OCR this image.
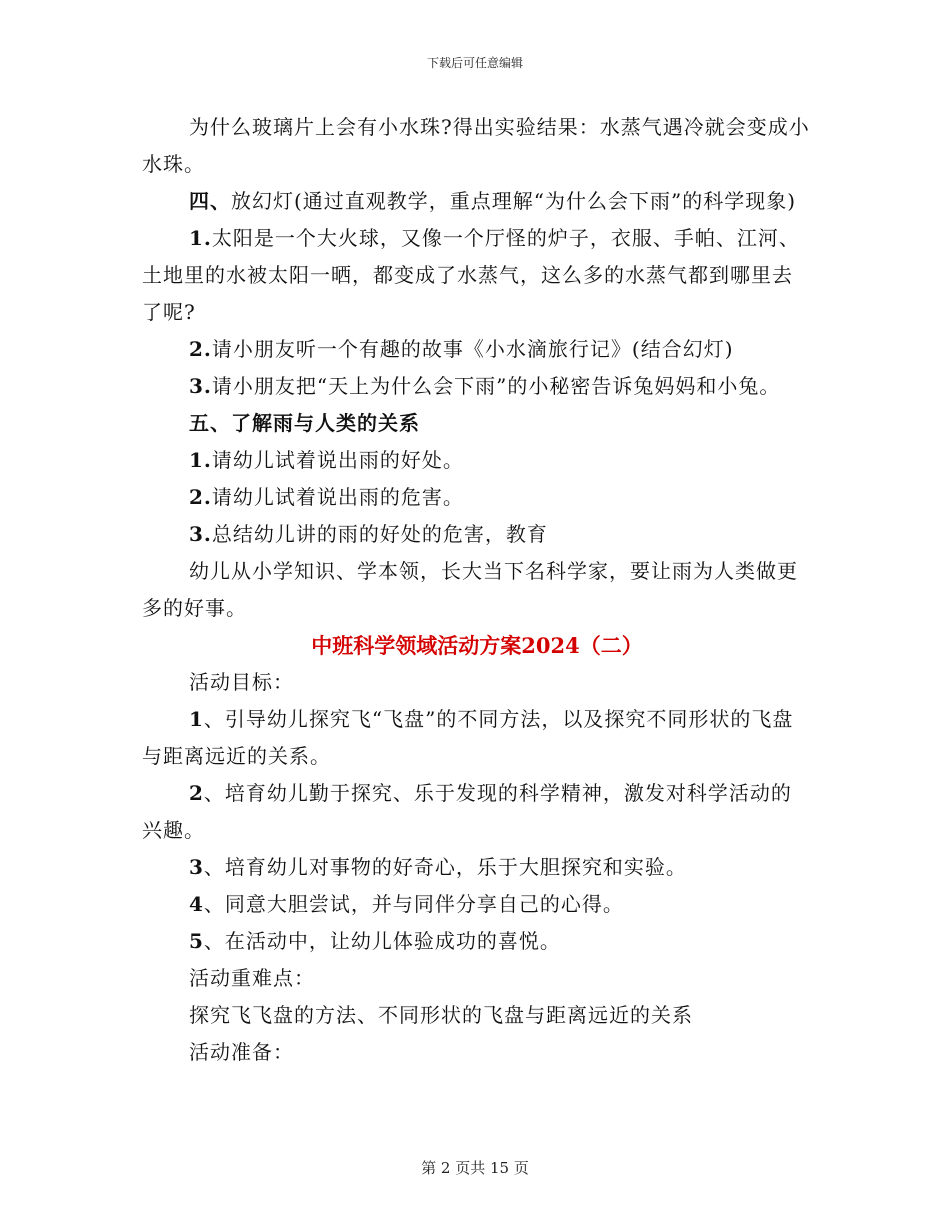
下载后可任意编辑

为什么玻璃片上会有小水珠?得出实验结果：水蒸气遇冷就会变成小水珠。

四、放幻灯(通过直观教学，重点理解“为什么会下雨”的科学现象)

1.太阳是一个大火球，又像一个厅怪的炉子，衣服、手帕、江河、土地里的水被太阳一晒，都变成了水蒸气，这么多的水蒸气都到哪里去了呢?

2.请小朋友听一个有趣的故事《小水滴旅行记》(结合幻灯)

3.请小朋友把“天上为什么会下雨”的小秘密告诉兔妈妈和小兔。

五、了解雨与人类的关系

1.请幼儿试着说出雨的好处。

2.请幼儿试着说出雨的危害。

3.总结幼儿讲的雨的好处的危害，教育

幼儿从小学知识、学本领，长大当下名科学家，要让雨为人类做更多的好事。

中班科学领域活动方案2024（二）

活动目标：

1、引导幼儿探究飞“飞盘”的不同方法，以及探究不同形状的飞盘与距离远近的关系。

2、培育幼儿勤于探究、乐于发现的科学精神，激发对科学活动的兴趣。

3、培育幼儿对事物的好奇心，乐于大胆探究和实验。

4、同意大胆尝试，并与同伴分享自己的心得。

5、在活动中，让幼儿体验成功的喜悦。

活动重难点：

探究飞飞盘的方法、不同形状的飞盘与距离远近的关系

活动准备：

第 2 页共 15 页
